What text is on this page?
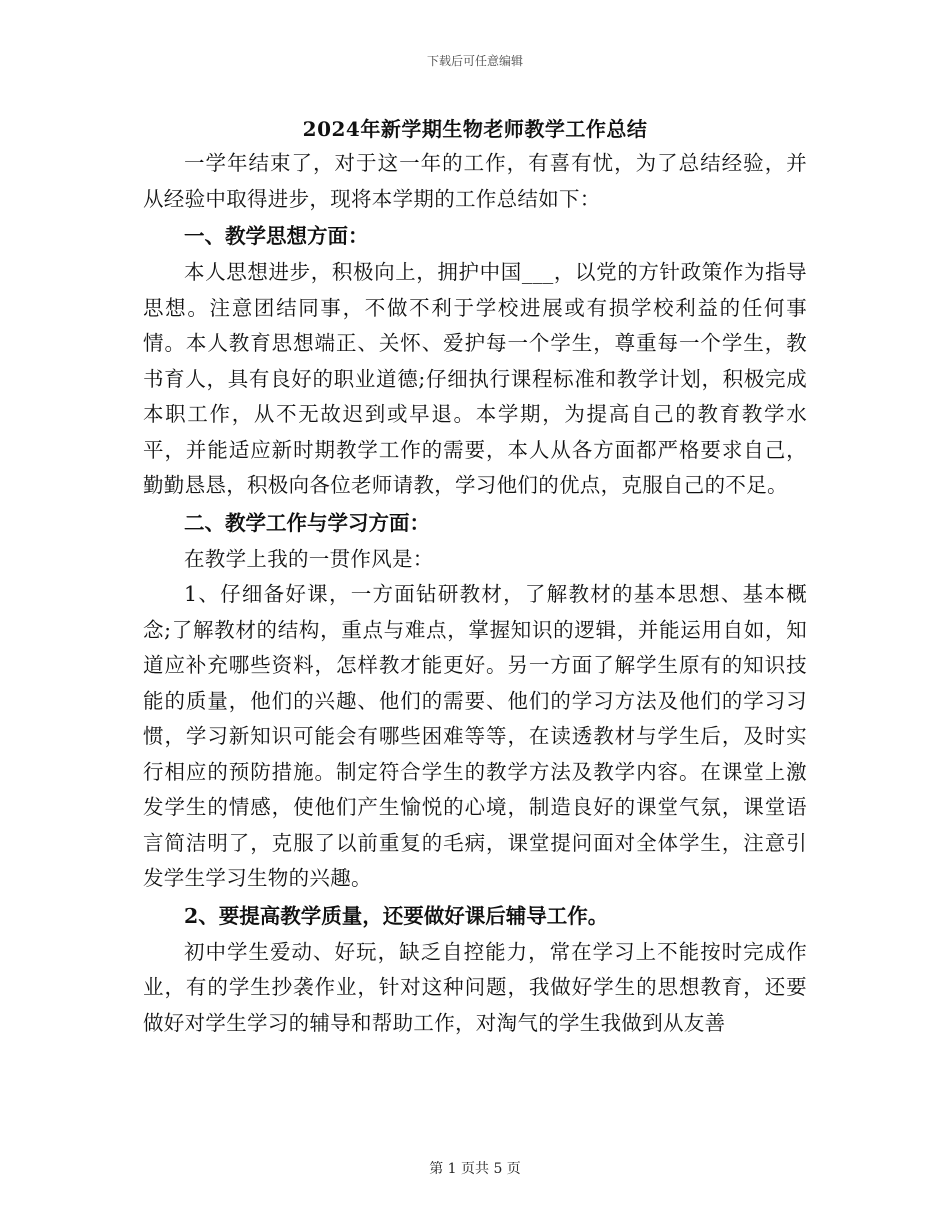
下载后可任意编辑
2024年新学期生物老师教学工作总结

一学年结束了，对于这一年的工作，有喜有忧，为了总结经验，并从经验中取得进步，现将本学期的工作总结如下：

一、教学思想方面：

本人思想进步，积极向上，拥护中国___，以党的方针政策作为指导思想。注意团结同事，不做不利于学校进展或有损学校利益的任何事情。本人教育思想端正、关怀、爱护每一个学生，尊重每一个学生，教书育人，具有良好的职业道德;仔细执行课程标准和教学计划，积极完成本职工作，从不无故迟到或早退。本学期，为提高自己的教育教学水平，并能适应新时期教学工作的需要，本人从各方面都严格要求自己，勤勤恳恳，积极向各位老师请教，学习他们的优点，克服自己的不足。

二、教学工作与学习方面：

在教学上我的一贯作风是：

1、仔细备好课，一方面钻研教材，了解教材的基本思想、基本概念;了解教材的结构，重点与难点，掌握知识的逻辑，并能运用自如，知道应补充哪些资料，怎样教才能更好。另一方面了解学生原有的知识技能的质量，他们的兴趣、他们的需要、他们的学习方法及他们的学习习惯，学习新知识可能会有哪些困难等等，在读透教材与学生后，及时实行相应的预防措施。制定符合学生的教学方法及教学内容。在课堂上激发学生的情感，使他们产生愉悦的心境，制造良好的课堂气氛，课堂语言简洁明了，克服了以前重复的毛病，课堂提问面对全体学生，注意引发学生学习生物的兴趣。

2、要提高教学质量，还要做好课后辅导工作。

初中学生爱动、好玩，缺乏自控能力，常在学习上不能按时完成作业，有的学生抄袭作业，针对这种问题，我做好学生的思想教育，还要做好对学生学习的辅导和帮助工作，对淘气的学生我做到从友善

第 1 页共 5 页
